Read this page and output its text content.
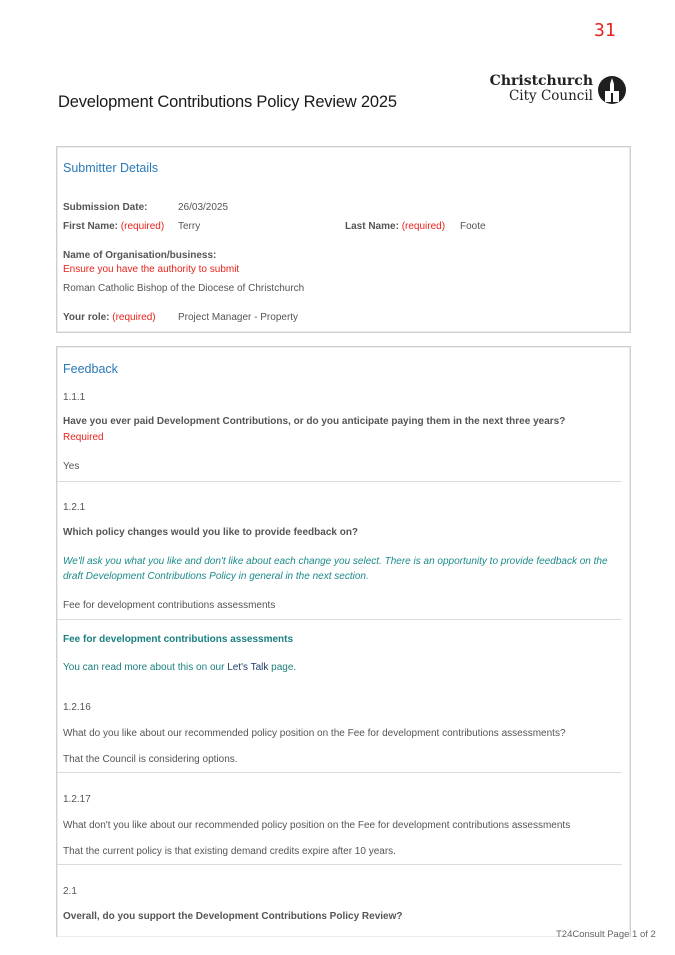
31
Development Contributions Policy Review 2025
Christchurch
City Council
Submitter Details
Submission Date:	26/03/2025
First Name: (required) Terry	Last Name: (required) Foote
Name of Organisation/business:
Ensure you have the authority to submit
Roman Catholic Bishop of the Diocese of Christchurch
Your role: (required) Project Manager - Property
Feedback
1.1.1
Have you ever paid Development Contributions, or do you anticipate paying them in the next three years?
Required
Yes
1.2.1
Which policy changes would you like to provide feedback on?
We'll ask you what you like and don't like about each change you select. There is an opportunity to provide feedback on the draft Development Contributions Policy in general in the next section.
Fee for development contributions assessments
Fee for development contributions assessments
You can read more about this on our Let's Talk page.
1.2.16
What do you like about our recommended policy position on the Fee for development contributions assessments?
That the Council is considering options.
1.2.17
What don't you like about our recommended policy position on the Fee for development contributions assessments
That the current policy is that existing demand credits expire after 10 years.
2.1
Overall, do you support the Development Contributions Policy Review?
T24Consult Page 1 of 2
